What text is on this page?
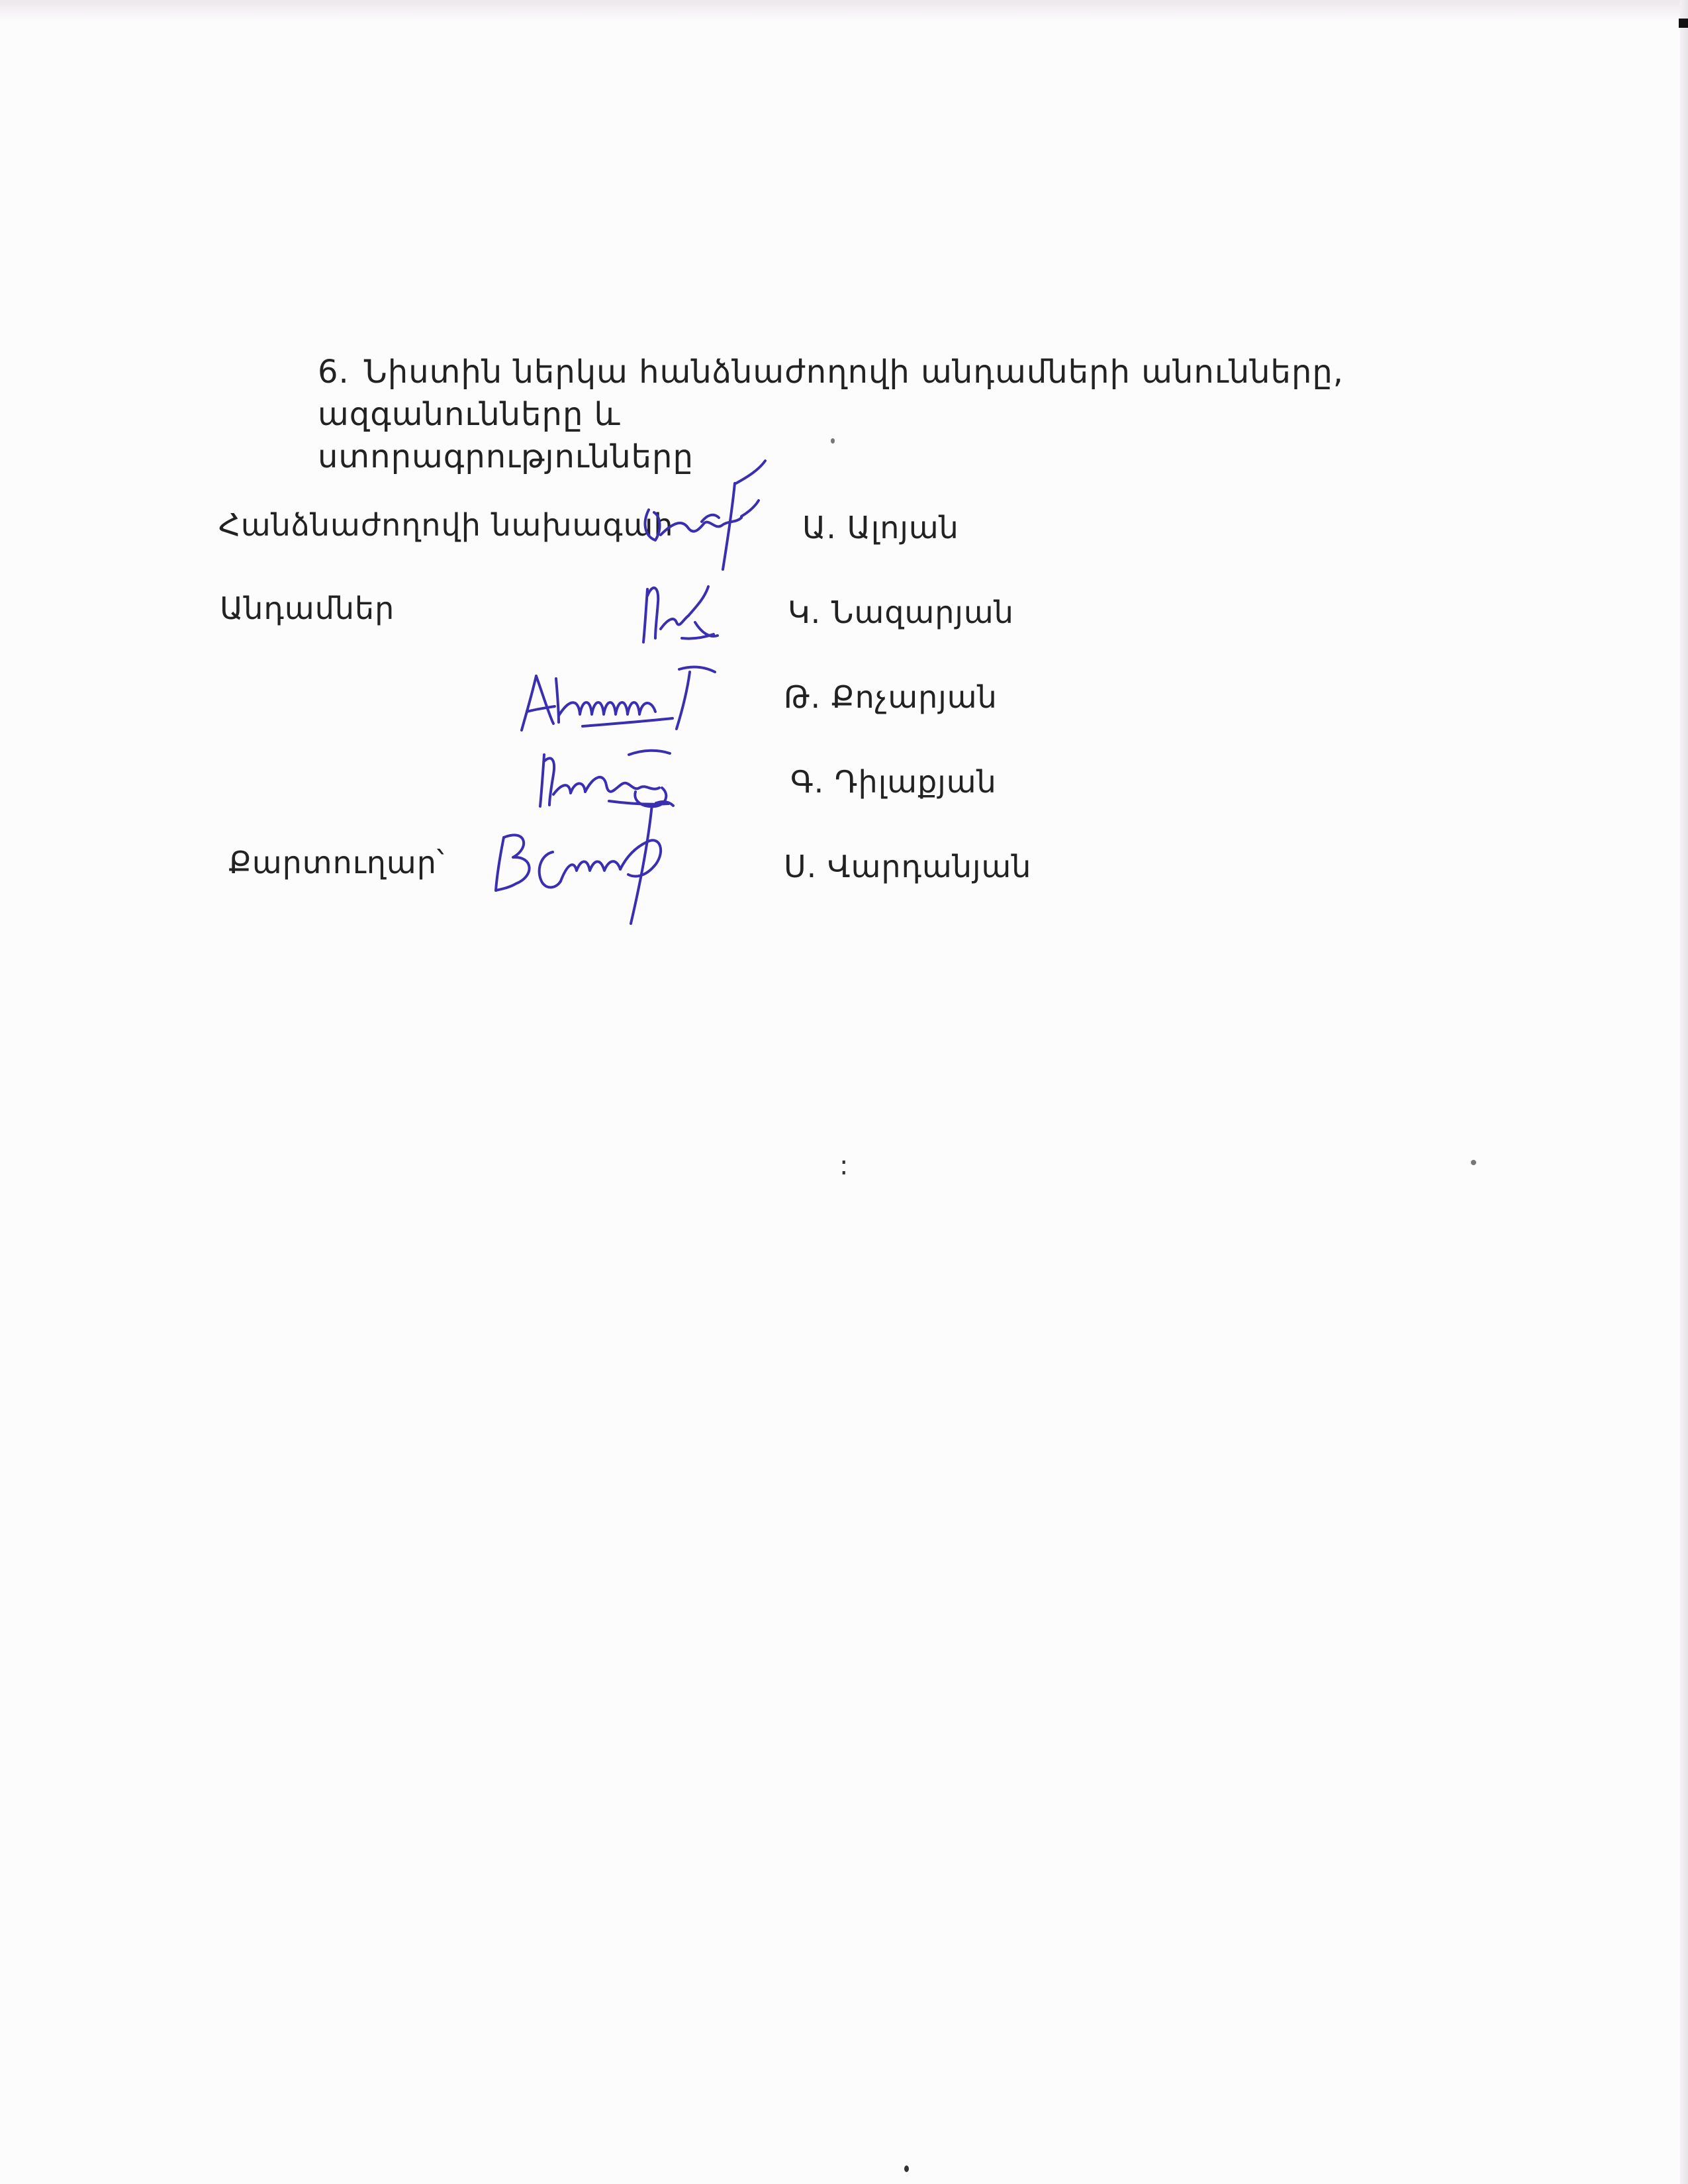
6. Նիստին ներկա հանձնաժողովի անդամների անունները, ազգանունները և
ստորագրությունները
Հանձնաժողովի նախագահ
Անդամներ
Քարտուղար՝
Ա. Ալոյան
Կ. Նազարյան
Թ. Քոչարյան
Գ. Դիլաքյան
Ս. Վարդանյան
:
